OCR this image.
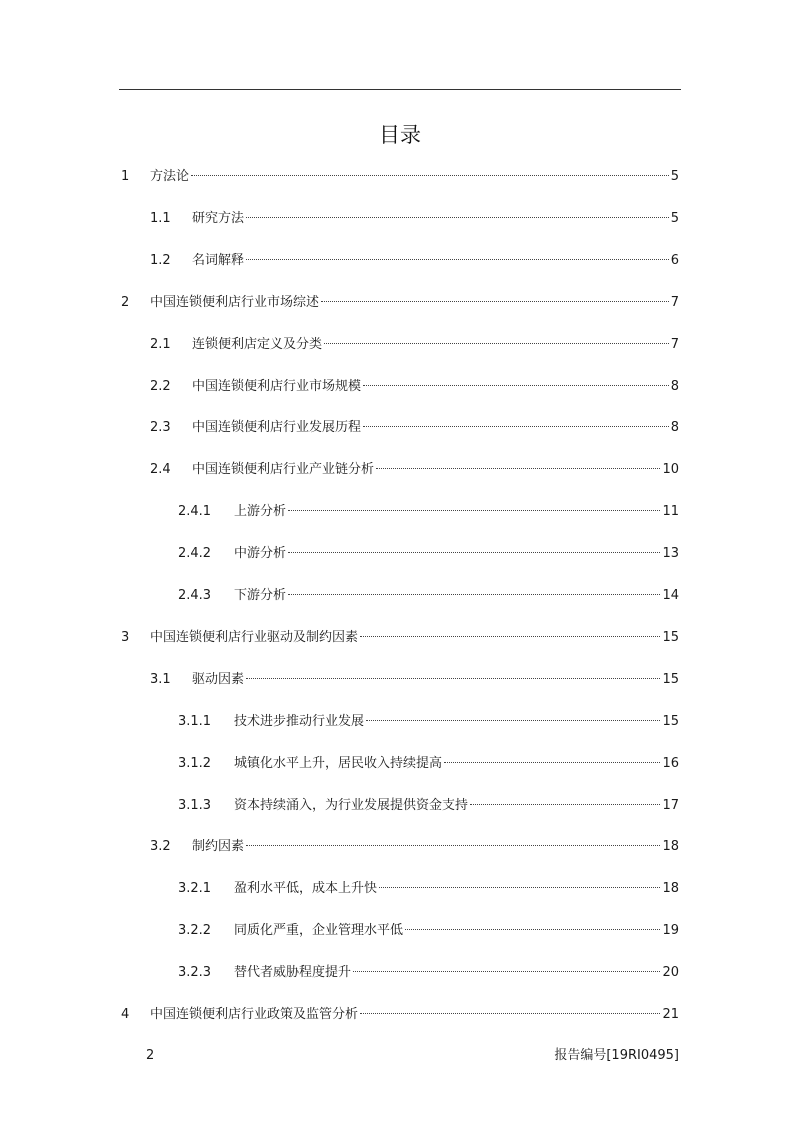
目录
1 方法论	5
1.1 研究方法	5
1.2 名词解释	6
2 中国连锁便利店行业市场综述	7
2.1 连锁便利店定义及分类	7
2.2 中国连锁便利店行业市场规模	8
2.3 中国连锁便利店行业发展历程	8
2.4 中国连锁便利店行业产业链分析	10
2.4.1 上游分析	11
2.4.2 中游分析	13
2.4.3 下游分析	14
3 中国连锁便利店行业驱动及制约因素	15
3.1 驱动因素	15
3.1.1 技术进步推动行业发展	15
3.1.2 城镇化水平上升，居民收入持续提高	16
3.1.3 资本持续涌入，为行业发展提供资金支持	17
3.2 制约因素	18
3.2.1 盈利水平低，成本上升快	18
3.2.2 同质化严重，企业管理水平低	19
3.2.3 替代者威胁程度提升	20
4 中国连锁便利店行业政策及监管分析	21
2	报告编号[19RI0495]
